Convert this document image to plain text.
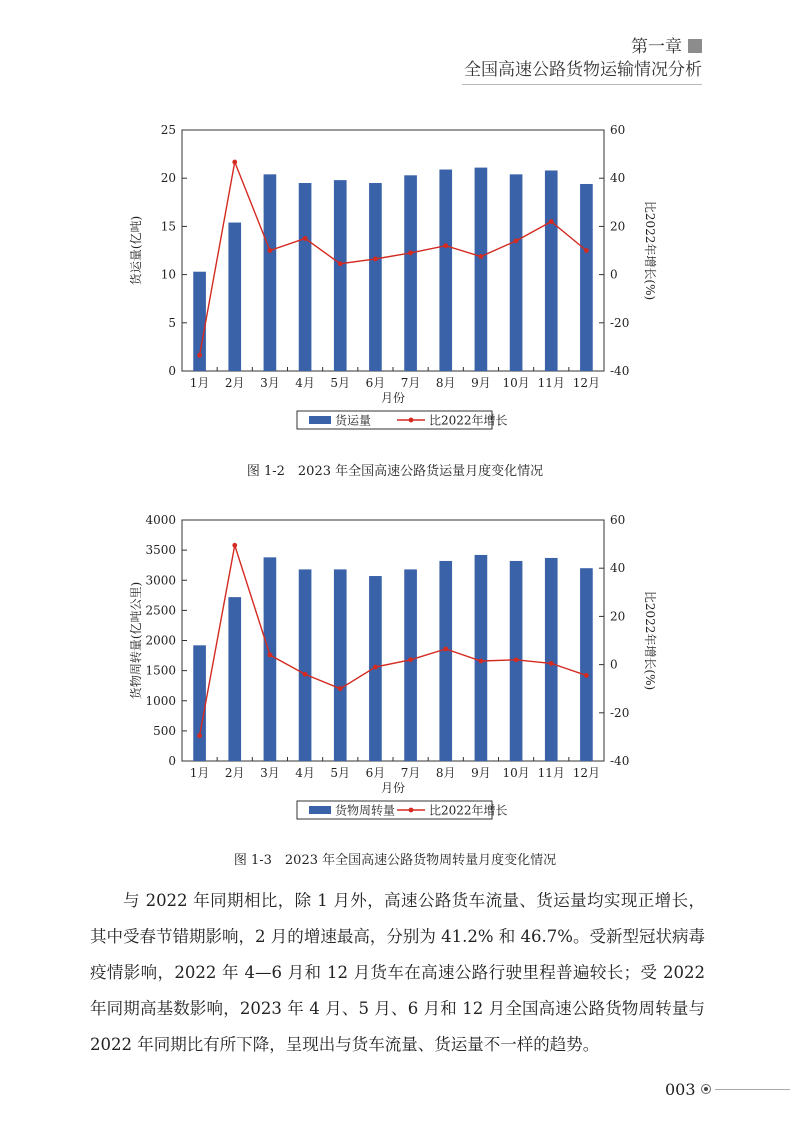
第一章
全国高速公路货物运输情况分析
0
5
10
15
20
25
-40
-20
0
20
40
60
1月 2月 3月 4月 5月 6月 7月 8月 9月 10月 11月 12月
月份
货运量(亿吨)	比2022年增长(%)
货运量	比2022年增长
图 1-2　2023 年全国高速公路货运量月度变化情况
0
500
1000
1500
2000
2500
3000
3500
4000
-40
-20
0
20
40
60
1月 2月 3月 4月 5月 6月 7月 8月 9月 10月 11月 12月
月份
货物周转量(亿吨公里)	比2022年增长(%)
货物周转量	比2022年增长
图 1-3　2023 年全国高速公路货物周转量月度变化情况

与 2022 年同期相比，除 1 月外，高速公路货车流量、货运量均实现正增长，其中受春节错期影响，2 月的增速最高，分别为 41.2% 和 46.7%。受新型冠状病毒疫情影响，2022 年 4—6 月和 12 月货车在高速公路行驶里程普遍较长；受 2022 年同期高基数影响，2023 年 4 月、5 月、6 月和 12 月全国高速公路货物周转量与 2022 年同期比有所下降，呈现出与货车流量、货运量不一样的趋势。

003
